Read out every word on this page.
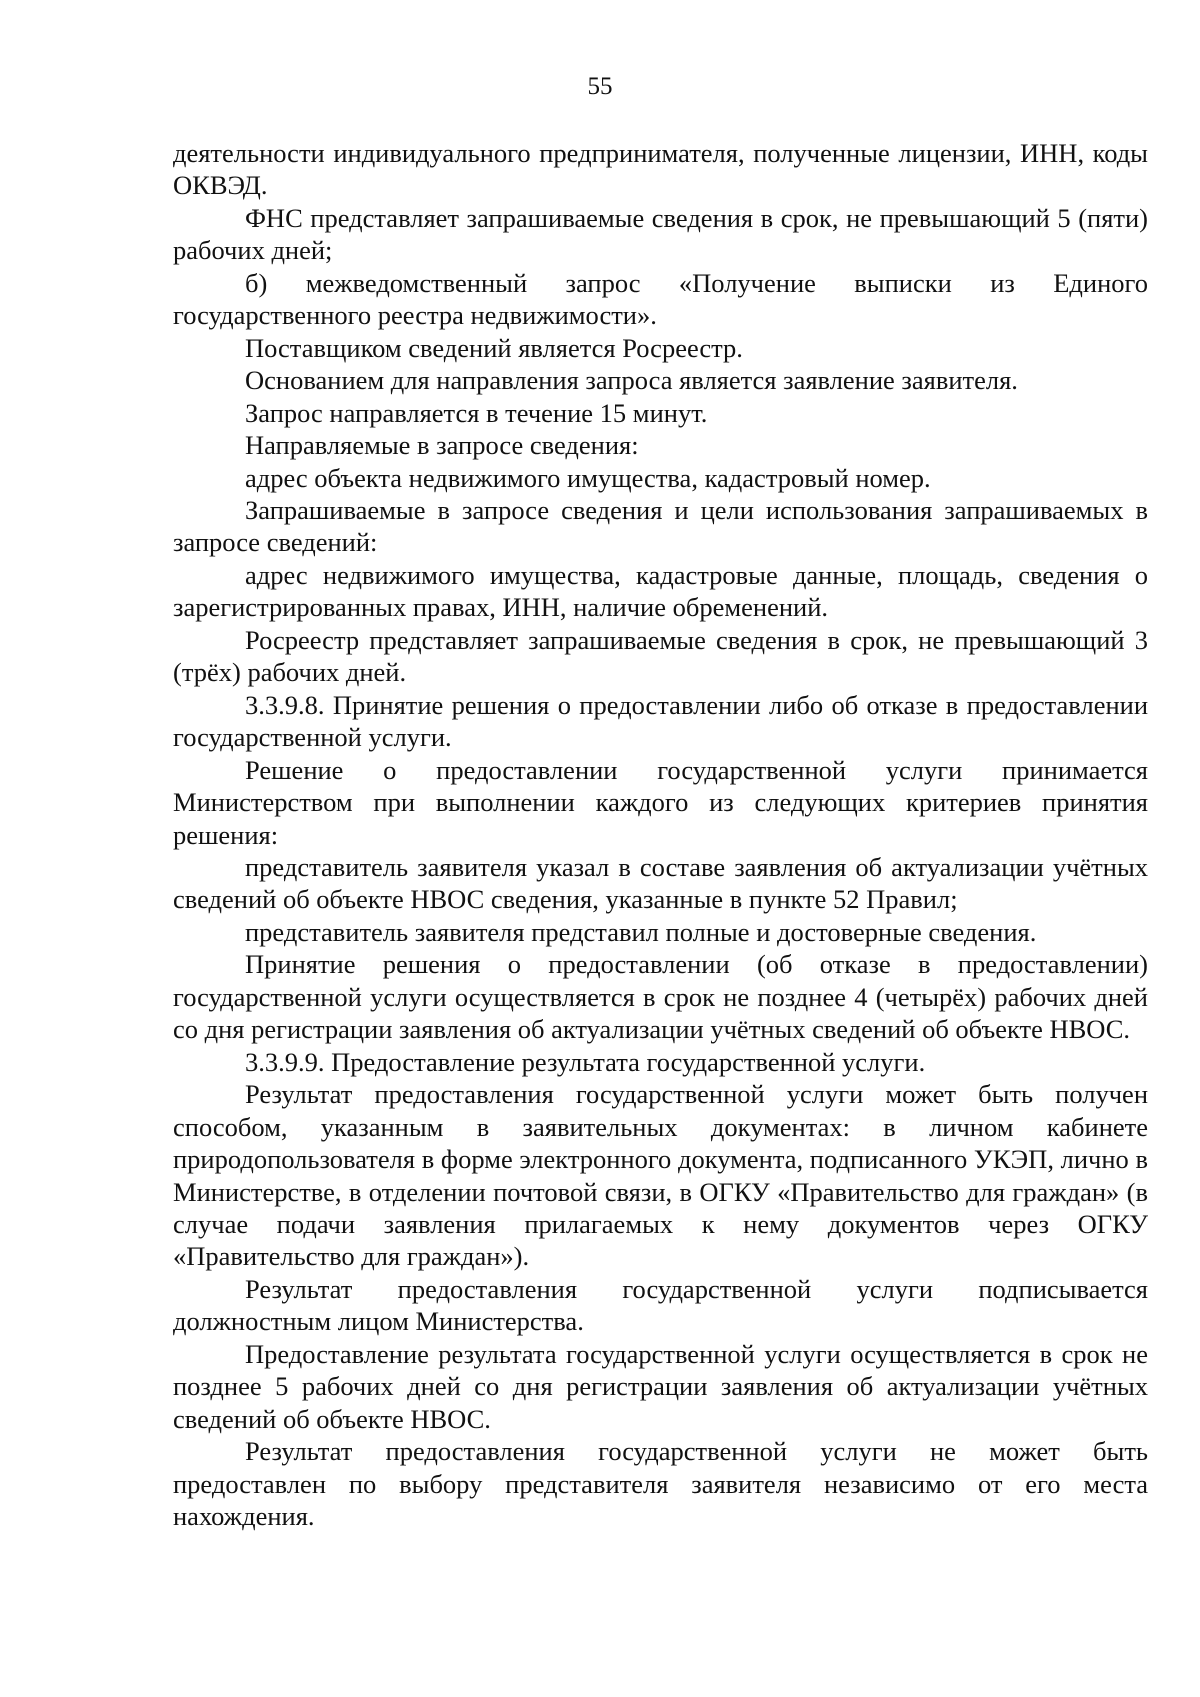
55

деятельности индивидуального предпринимателя, полученные лицензии, ИНН, коды ОКВЭД.

ФНС представляет запрашиваемые сведения в срок, не превышающий 5 (пяти) рабочих дней;

б) межведомственный запрос «Получение выписки из Единого государственного реестра недвижимости».

Поставщиком сведений является Росреестр.

Основанием для направления запроса является заявление заявителя.

Запрос направляется в течение 15 минут.

Направляемые в запросе сведения:

адрес объекта недвижимого имущества, кадастровый номер.

Запрашиваемые в запросе сведения и цели использования запрашиваемых в запросе сведений:

адрес недвижимого имущества, кадастровые данные, площадь, сведения о зарегистрированных правах, ИНН, наличие обременений.

Росреестр представляет запрашиваемые сведения в срок, не превышающий 3 (трёх) рабочих дней.

3.3.9.8. Принятие решения о предоставлении либо об отказе в предоставлении государственной услуги.

Решение о предоставлении государственной услуги принимается Министерством при выполнении каждого из следующих критериев принятия решения:

представитель заявителя указал в составе заявления об актуализации учётных сведений об объекте НВОС сведения, указанные в пункте 52 Правил;

представитель заявителя представил полные и достоверные сведения.

Принятие решения о предоставлении (об отказе в предоставлении) государственной услуги осуществляется в срок не позднее 4 (четырёх) рабочих дней со дня регистрации заявления об актуализации учётных сведений об объекте НВОС.

3.3.9.9. Предоставление результата государственной услуги.

Результат предоставления государственной услуги может быть получен способом, указанным в заявительных документах: в личном кабинете природопользователя в форме электронного документа, подписанного УКЭП, лично в Министерстве, в отделении почтовой связи, в ОГКУ «Правительство для граждан» (в случае подачи заявления прилагаемых к нему документов через ОГКУ «Правительство для граждан»).

Результат предоставления государственной услуги подписывается должностным лицом Министерства.

Предоставление результата государственной услуги осуществляется в срок не позднее 5 рабочих дней со дня регистрации заявления об актуализации учётных сведений об объекте НВОС.

Результат предоставления государственной услуги не может быть предоставлен по выбору представителя заявителя независимо от его места нахождения.
